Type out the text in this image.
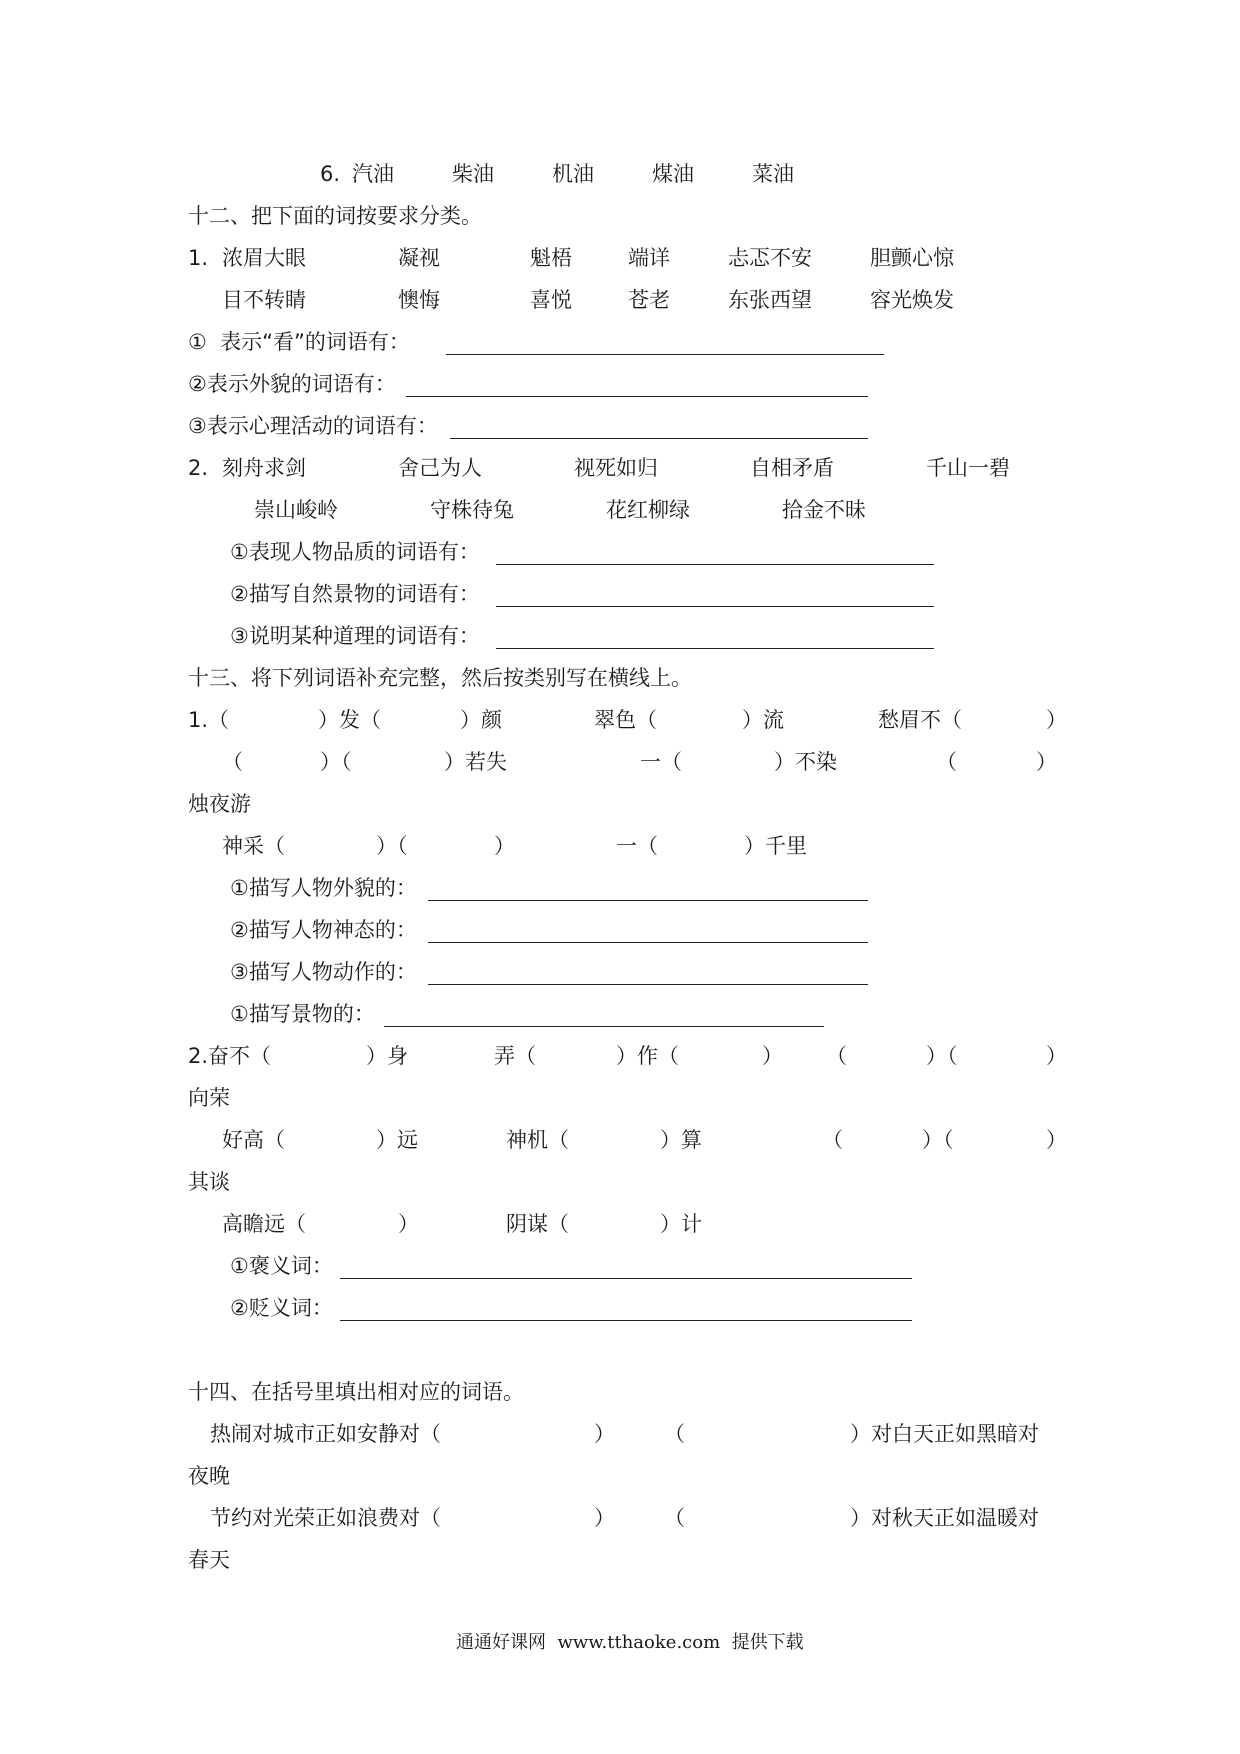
6. 汽油	柴油	机油	煤油	菜油
十二、把下面的词按要求分类。
1. 浓眉大眼	凝视	魁梧	端详	忐忑不安	胆颤心惊
目不转睛	懊悔	喜悦	苍老	东张西望	容光焕发
①  表示“看”的词语有：
②表示外貌的词语有：
③表示心理活动的词语有：
2. 刻舟求剑	舍己为人	视死如归	自相矛盾	千山一碧
崇山峻岭	守株待兔	花红柳绿	拾金不昧
①表现人物品质的词语有：
②描写自然景物的词语有：
③说明某种道理的词语有：
十三、将下列词语补充完整，然后按类别写在横线上。
1.（	）发（	）颜	翠色（	）流	愁眉不（	）
（	）（	）若失	一（	）不染	（	）
烛夜游
神采（	）（	）	一（	）千里
①描写人物外貌的：
②描写人物神态的：
③描写人物动作的：
①描写景物的：
2.奋不（	）身	弄（	）作（	） （	）（	）
向荣
好高（	）远	神机（	）算	（	）（	）
其谈
高瞻远（	）	阴谋（	）计
①褒义词：
②贬义词：
十四、在括号里填出相对应的词语。
热闹对城市正如安静对（	） （	）对白天正如黑暗对
夜晚
节约对光荣正如浪费对（	） （	）对秋天正如温暖对
春天
通通好课网  www.tthaoke.com  提供下载
